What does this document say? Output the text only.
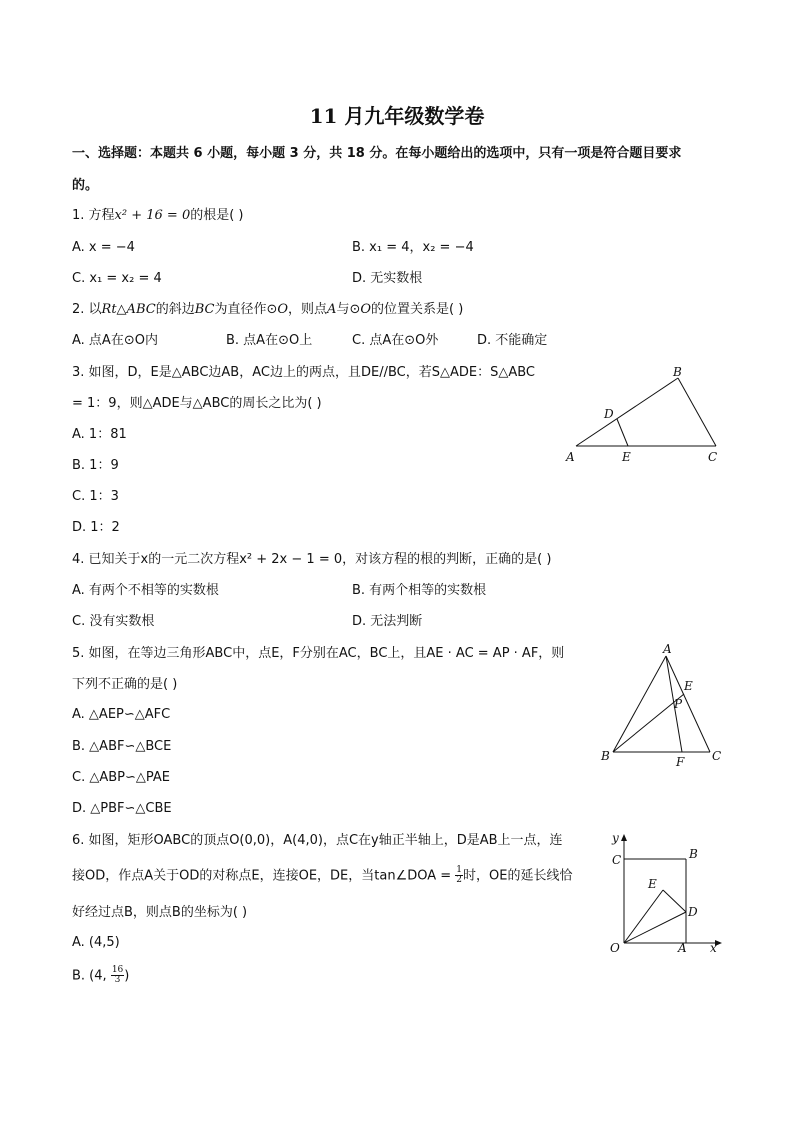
11 月九年级数学卷
一、选择题：本题共 6 小题，每小题 3 分，共 18 分。在每小题给出的选项中，只有一项是符合题目要求
的。
1. 方程x² + 16 = 0的根是( )
A. x = −4	B. x₁ = 4，x₂ = −4
C. x₁ = x₂ = 4	D. 无实数根
2. 以Rt△ABC的斜边BC为直径作⊙O，则点A与⊙O的位置关系是( )
A. 点A在⊙O内	B. 点A在⊙O上	C. 点A在⊙O外	D. 不能确定
3. 如图，D，E是△ABC边AB，AC边上的两点，且DE//BC，若S△ADE：S△ABC
= 1：9，则△ADE与△ABC的周长之比为( )
A. 1：81
B. 1：9
C. 1：3
D. 1：2
A
B
C
D
E
4. 已知关于x的一元二次方程x² + 2x − 1 = 0，对该方程的根的判断，正确的是( )
A. 有两个不相等的实数根	B. 有两个相等的实数根
C. 没有实数根	D. 无法判断
5. 如图，在等边三角形ABC中，点E，F分别在AC，BC上，且AE · AC = AP · AF，则
下列不正确的是( )
A. △AEP∽△AFC
B. △ABF∽△BCE
C. △ABP∽△PAE
D. △PBF∽△CBE
A
B	C
E
F
P
6. 如图，矩形OABC的顶点O(0,0)，A(4,0)，点C在y轴正半轴上，D是AB上一点，连
接OD，作点A关于OD的对称点E，连接OE，DE，当tan∠DOA = $\frac{1}{2}$ 时，OE的延长线恰
好经过点B，则点B的坐标为( )
A. (4,5)
B. (4, $\frac{16}{3}$ )
O	A
B
C
D
E
x
y
